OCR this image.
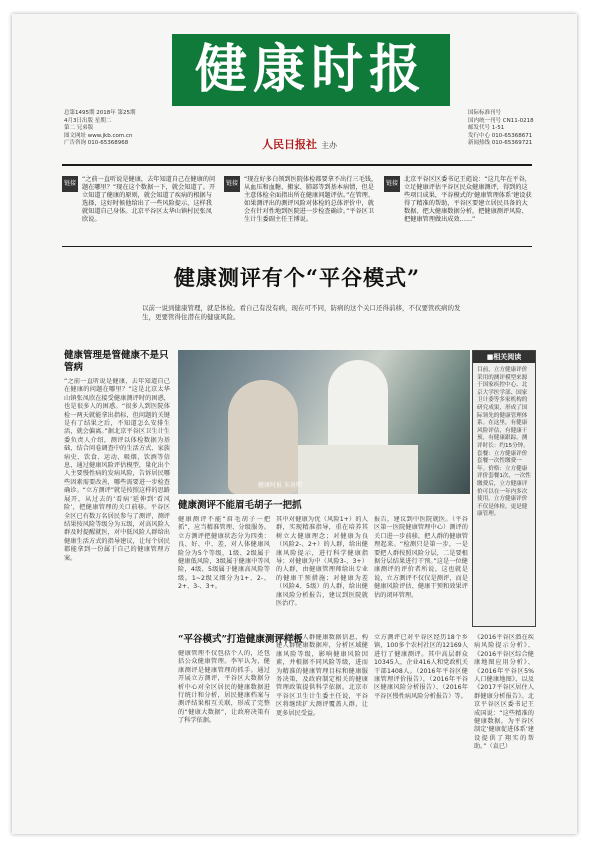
健康时报
总第1495期 2018年 第25期
4月3日出版 星期二
第二 兄弟版
图文网址 www.jkb.com.cn
广告咨询 010-65368968
国际标准刊号
国内统一刊号 CN11-0218
邮发代号 1-51
发行中心 010-65368671
新闻热线 010-65369721
人民日报社 主办
链接一
“之前一直听说是健康，去年知道自己在健康的问题在哪里？”现在这个数据一下，就会知道了。开立知道了健康的原则，就会知道了疾病的根据与选择，这好时候他给出了一些风险提示，这样我就知道自己身体。北京平谷区太华山镇村民张凤欣说。
链接二
“现在好多白领到医院体检都要拿不出行三毛钱，从血压和血糖、搬家、肺部等到基本病情，但是主意体检全面指出所在健康问题评估。”在管理、如果测评出的测评风险对体检的总体评价中，就会有针对性地到医院进一步检查确诊。”平谷区卫生计生委副主任王博说。
链接三
北京平谷区区委书记王彪说：“这几年在平谷，立足健康评估平谷区民众健康测评，得到的这些项目成果，平谷模式的‘健康管理体系’建设获得了精准的帮助，平谷区要建立居民具备的大数据、把大健康数据分析，把健康测评风险、把健康管理做出成效……”
健康测评有个“平谷模式”
以前一说到健康管理，就是体检。看自己有没有病，现在可不同，防病的这个关口还得前移，不仅要管疾病的发生，更要管得住潜在的健康风险。
健康管理是管健康不是只管病
“之前一直听说是健康，去年知道自己在健康的问题在哪里？”这是北京太华山镇张凤欣在接受健康测评时的困惑，也是很多人的困惑。“很多人到医院体检一两天就能拿出指标，但问题的关键是有了结果之后，不知道怎么安排生活，就会偏离。”据北京平谷区卫生计生委负责人介绍，测评以体检数据为基础，结合问卷调查中的生活方式、家族病史、饮食、运动、吸烟、饮酒等信息，通过健康风险评估模型，量化出个人主要慢性病的发病风险，告诉居民哪些因素需要改善，哪些需要进一步检查确诊。“立方测评”就是按照这样的思路展开，从过去的‘看病’延伸到‘看风险’，把健康管理的关口前移。平谷区全区已有数万名居民参与了测评，测评结果按风险等级分为五级，对高风险人群及时提醒就医，对中低风险人群给出健康生活方式的指导建议，让每个居民都能拿到一份属于自己的健康管理方案。
健康时报 朱善明
■相关阅读
目前，立方健康评价采用的测评模型来源于国家疾控中心、北京大学医学部、国家卫计委等多家机构的研究成果，形成了国际领先的健康管理体系。在这里，有健康风险评估，有健康干预，有健康跟踪。测评时长：约15分钟。套餐：立方健康评价套餐一次性缴费一年。价格：立方健康评价套餐1次，一次性缴费后，立方健康评价可以在一年内多次使用。立方健康评价不仅是体检，更是健康管理。
健康测评不能眉毛胡子一把抓
健康测评不能“眉毛胡子一把抓”，应当精准管理、分级服务。立方测评把健康状态分为四类：良、好、中、差，对人体健康风险分为5个等级，1级、2级属于健康低风险，3级属于健康中等风险，4级、5级属于健康高风险等级。1~2级又细分为1+、2-、2+、3-、3+。
其中对健康为优（风险1+）的人群，实现精准指导，重在培养其树立大健康理念；对健康为良（风险2-、2+）的人群，给出健康风险提示，进行科学健康指导；对健康为中（风险3-、3+）的人群，由健康管理师给出专业的健康干预措施；对健康为差（风险4、5级）的人群，给出健康风险分析报告，建议到医院就医治疗。
报告，建议到中医院就医。（平谷区第一医院健康管理中心）测评的关口进一步前移，把人群的健康管理起来。“检测只是第一步，一是要把人群按照风险分层，二是要根据分层结果进行干预。”这是一位健康测评的评价者所说。这也就是说，立方测评不仅仅是测评，而是健康风险评估、健康干预和效果评估的闭环管理。
“平谷模式”打造健康测评样板
健康管理不仅包括个人的，还包括公众健康管理。李军认为，健康测评是健康管理的抓手。通过开展立方测评，平谷区大数据分析中心对全区居民的健康数据进行统计和分析，居民健康档案与测评结果相互关联，形成了完整的“健康大数据”，让政府决策有了科学依据。
通过采集人群健康数据信息，构建人群健康数据库，分析区域健康风险等级，影响健康风险因素，并根据不同风险等级，进而为精准的健康管理目标和健康服务决策，及政府制定相关的健康管理政策提供科学依据。北京市平谷区卫生计生委主任说，平谷区将继续扩大测评覆盖人群，让更多居民受益。
立方测评已对平谷区经历18个乡镇，100多个农村社区的12169人进行了健康测评。其中高层群众10345人，企业416人和党政机关干部1408人。（2016年平谷区健康管理评价报告），（2016年平谷区健康风险分析报告）、（2016年平谷区慢性病风险分析报告）等。
《2016平谷区潜在疾病风险提示分析》、《2016平谷区综合健康地图应用分析》、《2016年平谷区5%人口健康地图》，以及《2017平谷区居住人群健康分析报告》。北京平谷区区委书记王成国说：“这些精准的健康数据，为平谷区制定‘健康促进体系’建设提供了翔实的帮助。”（袁已）
